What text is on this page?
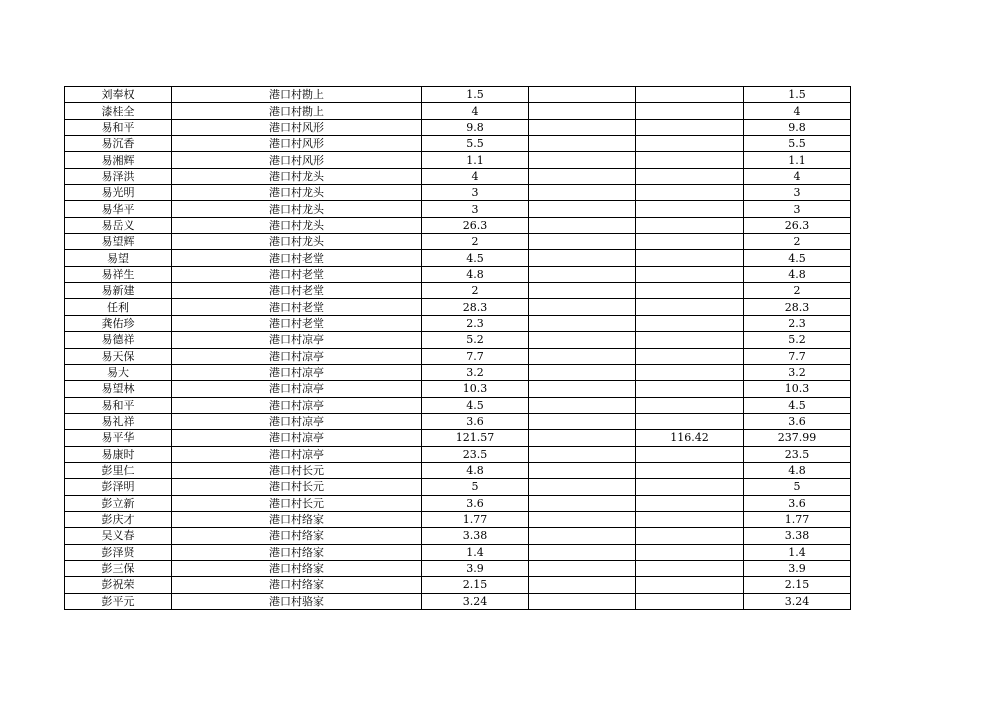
刘奉权	港口村勘上	1.5			1.5
漆桂全	港口村勘上	4			4
易和平	港口村风形	9.8			9.8
易沉香	港口村风形	5.5			5.5
易湘辉	港口村风形	1.1			1.1
易泽洪	港口村龙头	4			4
易光明	港口村龙头	3			3
易华平	港口村龙头	3			3
易岳义	港口村龙头	26.3			26.3
易望辉	港口村龙头	2			2
易望	港口村老堂	4.5			4.5
易祥生	港口村老堂	4.8			4.8
易新建	港口村老堂	2			2
任利	港口村老堂	28.3			28.3
龚佑珍	港口村老堂	2.3			2.3
易德祥	港口村凉亭	5.2			5.2
易天保	港口村凉亭	7.7			7.7
易大	港口村凉亭	3.2			3.2
易望林	港口村凉亭	10.3			10.3
易和平	港口村凉亭	4.5			4.5
易礼祥	港口村凉亭	3.6			3.6
易平华	港口村凉亭	121.57		116.42	237.99
易康时	港口村凉亭	23.5			23.5
彭里仁	港口村长元	4.8			4.8
彭泽明	港口村长元	5			5
彭立新	港口村长元	3.6			3.6
彭庆才	港口村络家	1.77			1.77
吴义春	港口村络家	3.38			3.38
彭泽贤	港口村络家	1.4			1.4
彭三保	港口村络家	3.9			3.9
彭祝荣	港口村络家	2.15			2.15
彭平元	港口村骆家	3.24			3.24
